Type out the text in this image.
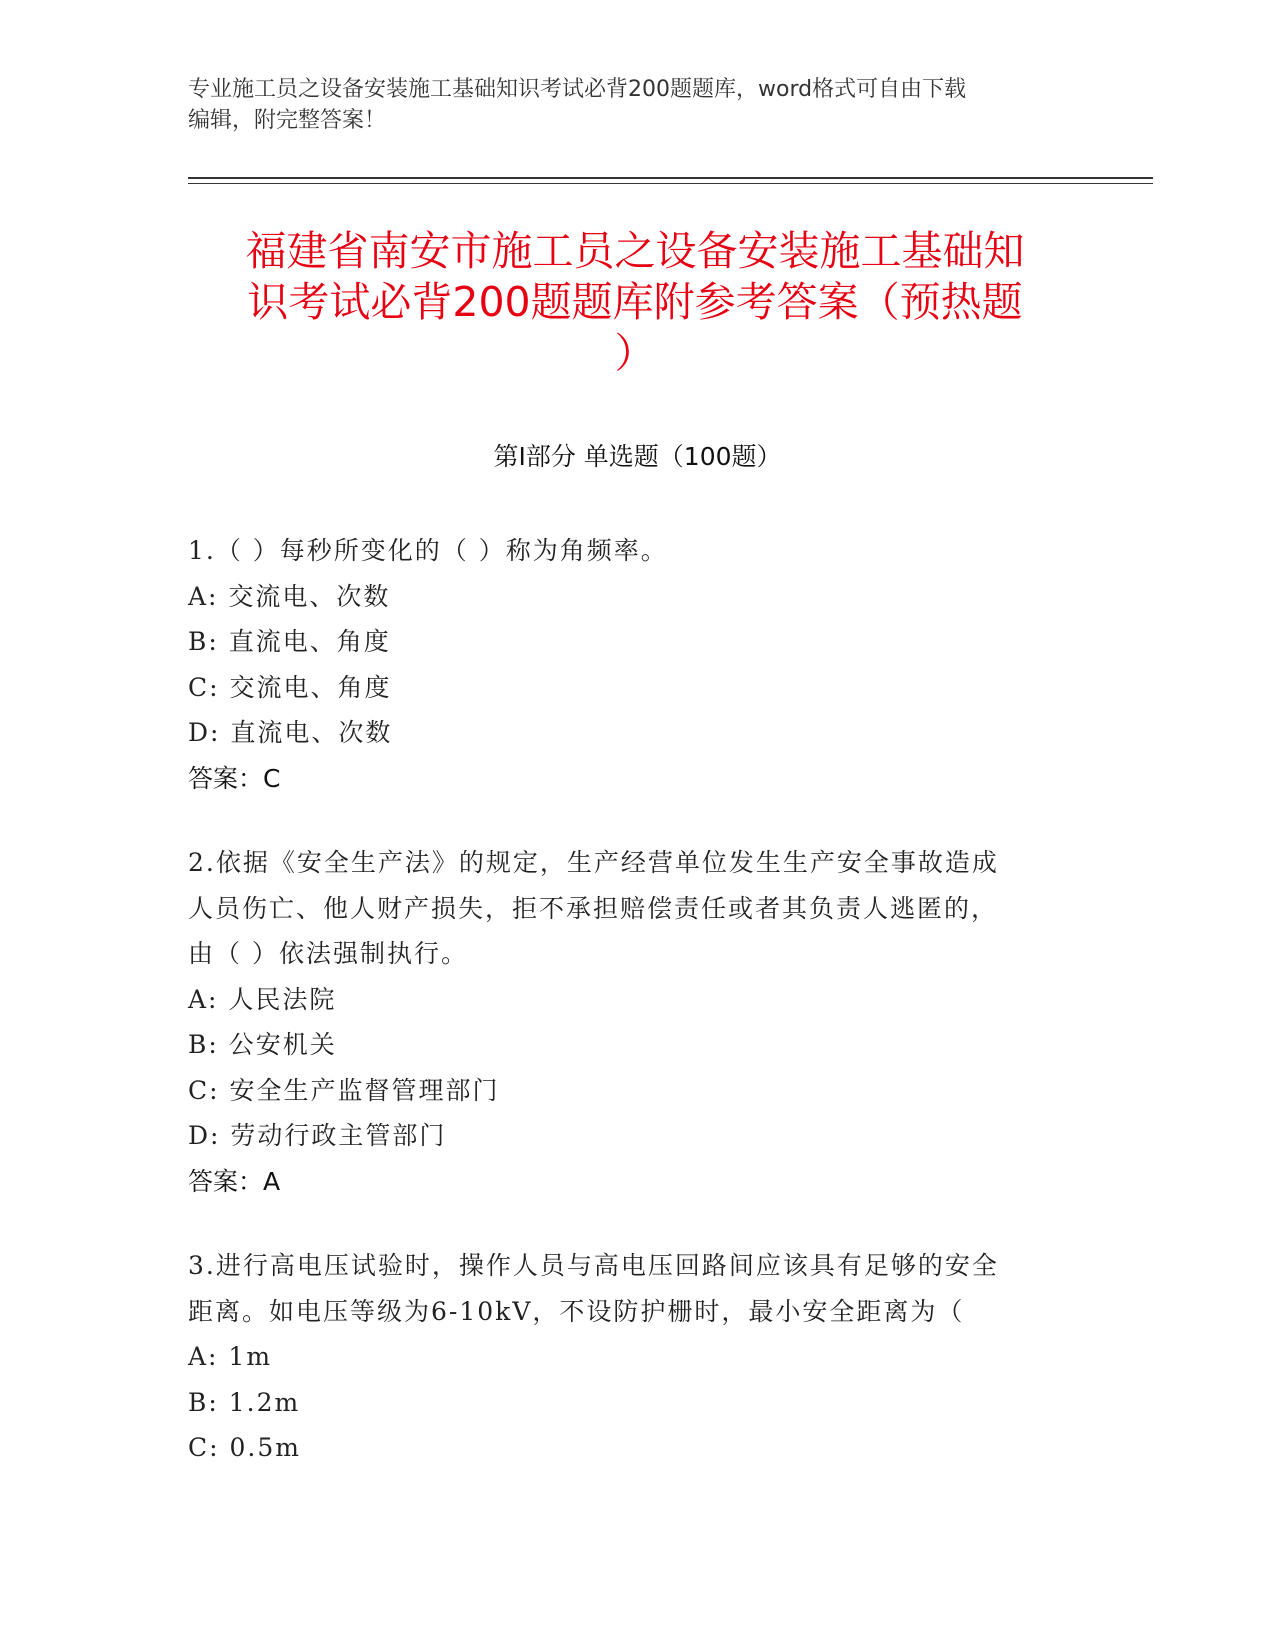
专业施工员之设备安装施工基础知识考试必背200题题库，word格式可自由下载
编辑，附完整答案！
福建省南安市施工员之设备安装施工基础知
识考试必背200题题库附参考答案（预热题
）
第I部分 单选题（100题）
1.（ ）每秒所变化的（ ）称为角频率。
A: 交流电、次数
B: 直流电、角度
C: 交流电、角度
D: 直流电、次数
答案：C
2.依据《安全生产法》的规定，生产经营单位发生生产安全事故造成
人员伤亡、他人财产损失，拒不承担赔偿责任或者其负责人逃匿的，
由（ ）依法强制执行。
A: 人民法院
B: 公安机关
C: 安全生产监督管理部门
D: 劳动行政主管部门
答案：A
3.进行高电压试验时，操作人员与高电压回路间应该具有足够的安全
距离。如电压等级为6-10kV，不设防护栅时，最小安全距离为（
A: 1m
B: 1.2m
C: 0.5m
